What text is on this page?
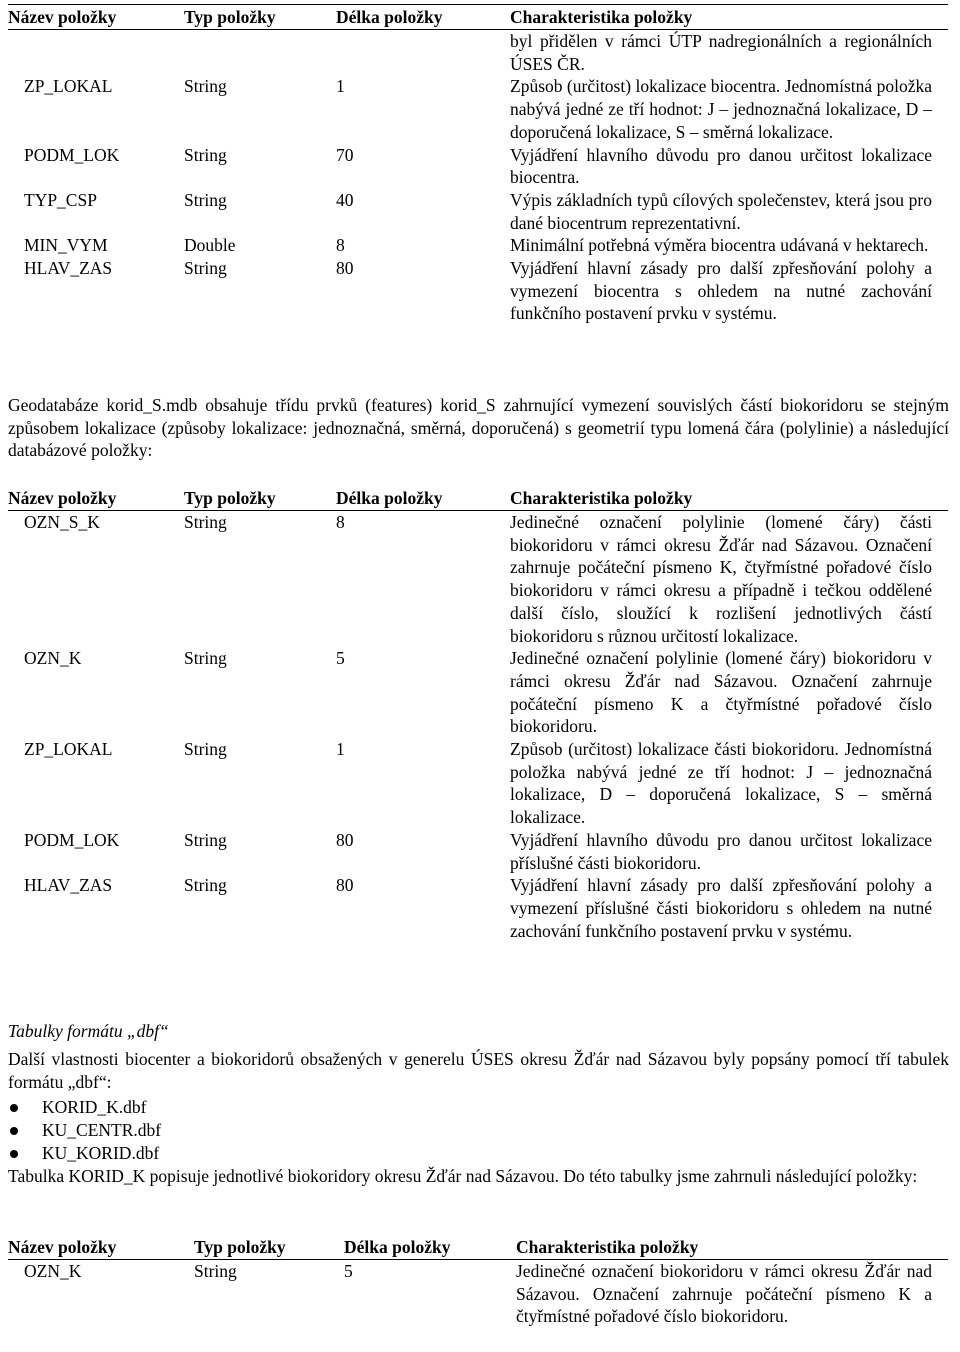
Název položky	Typ položky	Délka položky	Charakteristika položky
			byl přidělen v rámci ÚTP nadregionálních a regionálních ÚSES ČR.
ZP_LOKAL	String	1	Způsob (určitost) lokalizace biocentra. Jednomístná položka nabývá jedné ze tří hodnot: J – jednoznačná lokalizace, D – doporučená lokalizace, S – směrná lokalizace.
PODM_LOK	String	70	Vyjádření hlavního důvodu pro danou určitost lokalizace biocentra.
TYP_CSP	String	40	Výpis základních typů cílových společenstev, která jsou pro dané biocentrum reprezentativní.
MIN_VYM	Double	8	Minimální potřebná výměra biocentra udávaná v hektarech.
HLAV_ZAS	String	80	Vyjádření hlavní zásady pro další zpřesňování polohy a vymezení biocentra s ohledem na nutné zachování funkčního postavení prvku v systému.

Geodatabáze korid_S.mdb obsahuje třídu prvků (features) korid_S zahrnující vymezení souvislých částí biokoridoru se stejným způsobem lokalizace (způsoby lokalizace: jednoznačná, směrná, doporučená) s geometrií typu lomená čára (polylinie) a následující databázové položky:

Název položky	Typ položky	Délka položky	Charakteristika položky
OZN_S_K	String	8	Jedinečné označení polylinie (lomené čáry) části biokoridoru v rámci okresu Žďár nad Sázavou. Označení zahrnuje počáteční písmeno K, čtyřmístné pořadové číslo biokoridoru v rámci okresu a případně i tečkou oddělené další číslo, sloužící k rozlišení jednotlivých částí biokoridoru s různou určitostí lokalizace.
OZN_K	String	5	Jedinečné označení polylinie (lomené čáry) biokoridoru v rámci okresu Žďár nad Sázavou. Označení zahrnuje počáteční písmeno K a čtyřmístné pořadové číslo biokoridoru.
ZP_LOKAL	String	1	Způsob (určitost) lokalizace části biokoridoru. Jednomístná položka nabývá jedné ze tří hodnot: J – jednoznačná lokalizace, D – doporučená lokalizace, S – směrná lokalizace.
PODM_LOK	String	80	Vyjádření hlavního důvodu pro danou určitost lokalizace příslušné části biokoridoru.
HLAV_ZAS	String	80	Vyjádření hlavní zásady pro další zpřesňování polohy a vymezení příslušné části biokoridoru s ohledem na nutné zachování funkčního postavení prvku v systému.

Tabulky formátu „dbf“

Další vlastnosti biocenter a biokoridorů obsažených v generelu ÚSES okresu Žďár nad Sázavou byly popsány pomocí tří tabulek formátu „dbf“:

KORID_K.dbf
KU_CENTR.dbf
KU_KORID.dbf

Tabulka KORID_K popisuje jednotlivé biokoridory okresu Žďár nad Sázavou. Do této tabulky jsme zahrnuli následující položky:

Název položky	Typ položky	Délka položky	Charakteristika položky
OZN_K	String	5	Jedinečné označení biokoridoru v rámci okresu Žďár nad Sázavou. Označení zahrnuje počáteční písmeno K a čtyřmístné pořadové číslo biokoridoru.
